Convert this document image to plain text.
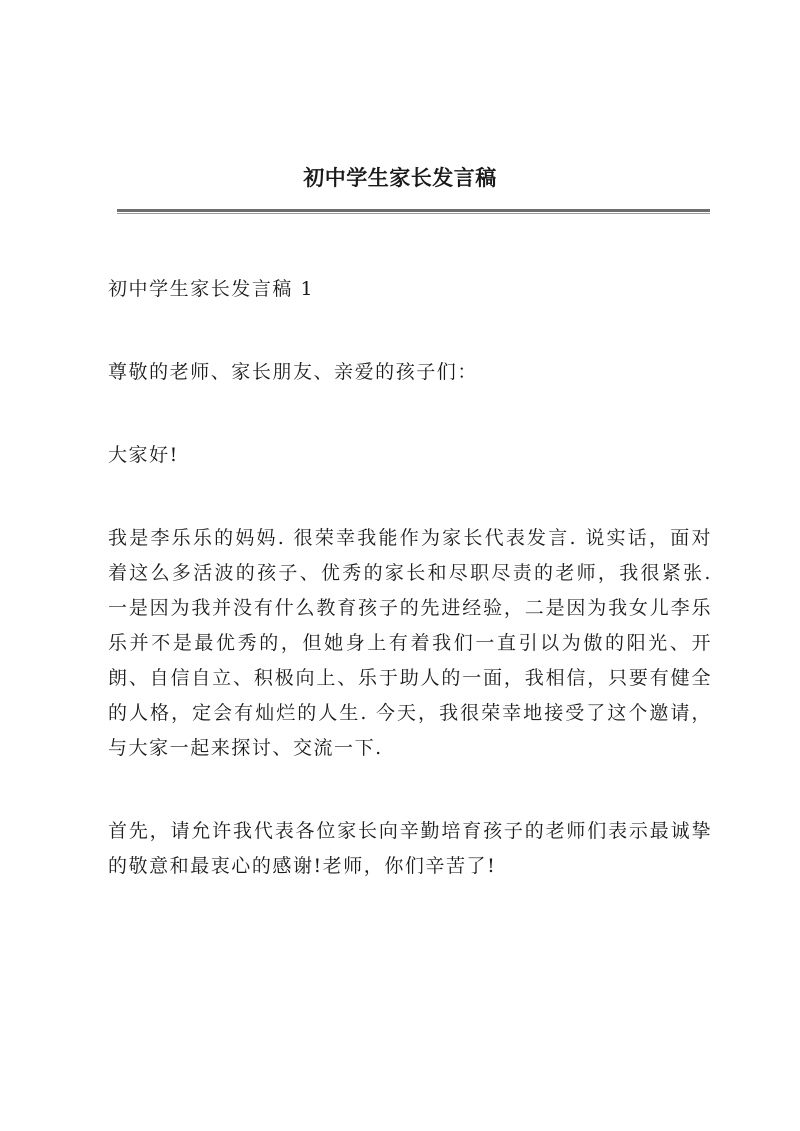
初中学生家长发言稿

初中学生家长发言稿 1

尊敬的老师、家长朋友、亲爱的孩子们：

大家好!

我是李乐乐的妈妈. 很荣幸我能作为家长代表发言. 说实话，面对着这么多活波的孩子、优秀的家长和尽职尽责的老师，我很紧张. 一是因为我并没有什么教育孩子的先进经验，二是因为我女儿李乐乐并不是最优秀的，但她身上有着我们一直引以为傲的阳光、开朗、自信自立、积极向上、乐于助人的一面，我相信，只要有健全的人格，定会有灿烂的人生. 今天，我很荣幸地接受了这个邀请，与大家一起来探讨、交流一下.

首先，请允许我代表各位家长向辛勤培育孩子的老师们表示最诚挚的敬意和最衷心的感谢!老师，你们辛苦了!
